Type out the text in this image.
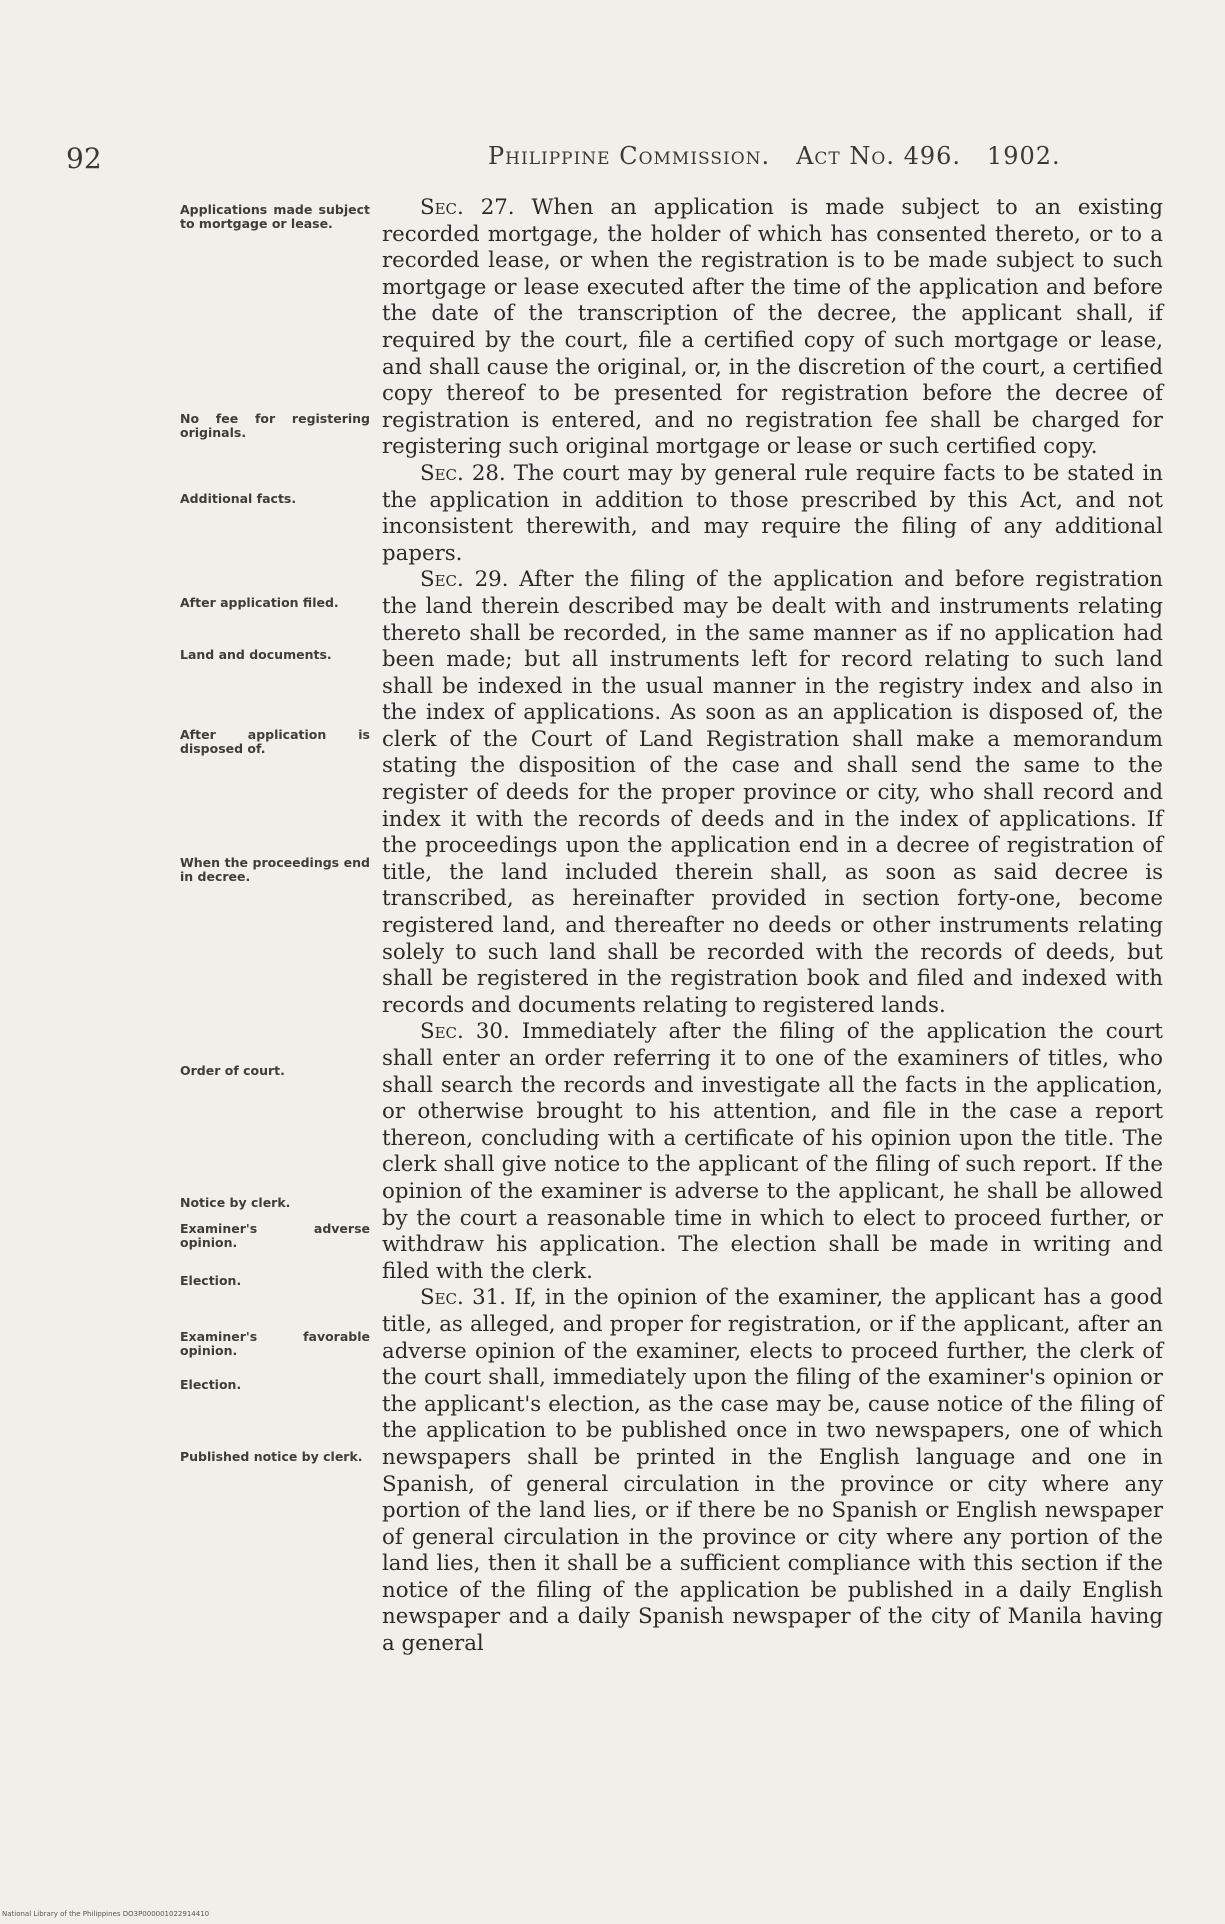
92	Philippine Commission. Act No. 496. 1902.
Applications made subject to mortgage or lease.
No fee for registering originals.
Additional facts.
After application filed.
Land and documents.
After application is disposed of.
When the proceedings end in decree.
Order of court.
Notice by clerk.
Examiner's adverse opinion.
Election.
Examiner's favorable opinion.
Election.
Published notice by clerk.

Sec. 27. When an application is made subject to an existing recorded mortgage, the holder of which has consented thereto, or to a recorded lease, or when the registration is to be made subject to such mortgage or lease executed after the time of the application and before the date of the transcription of the decree, the applicant shall, if required by the court, file a certified copy of such mortgage or lease, and shall cause the original, or, in the discretion of the court, a certified copy thereof to be presented for registration before the decree of registration is entered, and no registration fee shall be charged for registering such original mortgage or lease or such certified copy.

Sec. 28. The court may by general rule require facts to be stated in the application in addition to those prescribed by this Act, and not inconsistent therewith, and may require the filing of any additional papers.

Sec. 29. After the filing of the application and before registration the land therein described may be dealt with and instruments relating thereto shall be recorded, in the same manner as if no application had been made; but all instruments left for record relating to such land shall be indexed in the usual manner in the registry index and also in the index of applications. As soon as an application is disposed of, the clerk of the Court of Land Registration shall make a memorandum stating the disposition of the case and shall send the same to the register of deeds for the proper province or city, who shall record and index it with the records of deeds and in the index of applications. If the proceedings upon the application end in a decree of registration of title, the land included therein shall, as soon as said decree is transcribed, as hereinafter provided in section forty-one, become registered land, and thereafter no deeds or other instruments relating solely to such land shall be recorded with the records of deeds, but shall be registered in the registration book and filed and indexed with records and documents relating to registered lands.

Sec. 30. Immediately after the filing of the application the court shall enter an order referring it to one of the examiners of titles, who shall search the records and investigate all the facts in the application, or otherwise brought to his attention, and file in the case a report thereon, concluding with a certificate of his opinion upon the title. The clerk shall give notice to the applicant of the filing of such report. If the opinion of the examiner is adverse to the applicant, he shall be allowed by the court a reasonable time in which to elect to proceed further, or withdraw his application. The election shall be made in writing and filed with the clerk.

Sec. 31. If, in the opinion of the examiner, the applicant has a good title, as alleged, and proper for registration, or if the applicant, after an adverse opinion of the examiner, elects to proceed further, the clerk of the court shall, immediately upon the filing of the examiner's opinion or the applicant's election, as the case may be, cause notice of the filing of the application to be published once in two newspapers, one of which newspapers shall be printed in the English language and one in Spanish, of general circulation in the province or city where any portion of the land lies, or if there be no Spanish or English newspaper of general circulation in the province or city where any portion of the land lies, then it shall be a sufficient compliance with this section if the notice of the filing of the application be published in a daily English newspaper and a daily Spanish newspaper of the city of Manila having a general

National Library of the Philippines DO3P000001022914410
